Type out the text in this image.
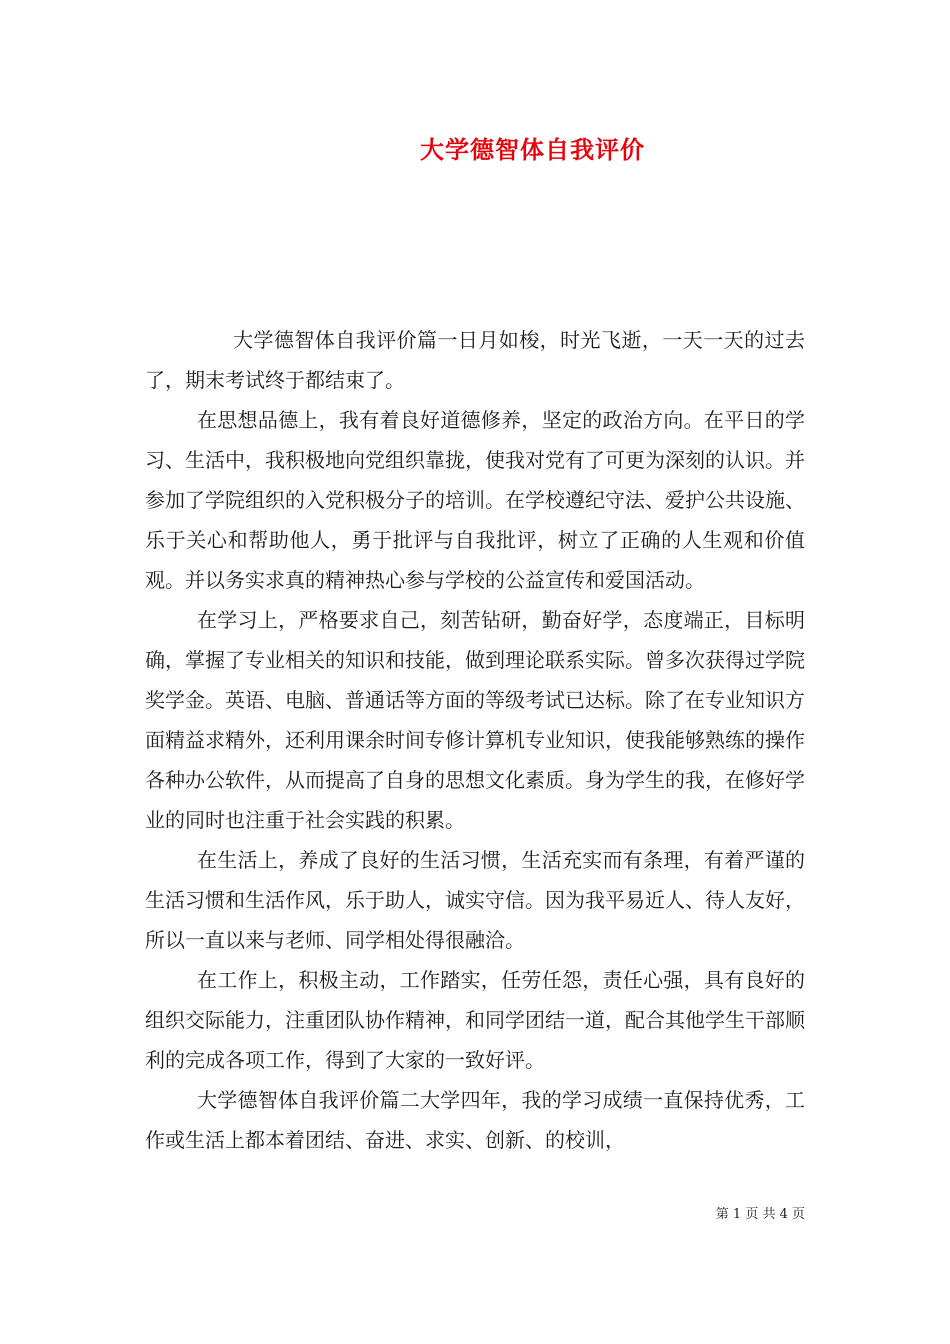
大学德智体自我评价

大学德智体自我评价篇一日月如梭，时光飞逝，一天一天的过去了，期末考试终于都结束了。

在思想品德上，我有着良好道德修养，坚定的政治方向。在平日的学习、生活中，我积极地向党组织靠拢，使我对党有了可更为深刻的认识。并参加了学院组织的入党积极分子的培训。在学校遵纪守法、爱护公共设施、乐于关心和帮助他人，勇于批评与自我批评，树立了正确的人生观和价值观。并以务实求真的精神热心参与学校的公益宣传和爱国活动。

在学习上，严格要求自己，刻苦钻研，勤奋好学，态度端正，目标明确，掌握了专业相关的知识和技能，做到理论联系实际。曾多次获得过学院奖学金。英语、电脑、普通话等方面的等级考试已达标。除了在专业知识方面精益求精外，还利用课余时间专修计算机专业知识，使我能够熟练的操作各种办公软件，从而提高了自身的思想文化素质。身为学生的我，在修好学业的同时也注重于社会实践的积累。

在生活上，养成了良好的生活习惯，生活充实而有条理，有着严谨的生活习惯和生活作风，乐于助人，诚实守信。因为我平易近人、待人友好，所以一直以来与老师、同学相处得很融洽。

在工作上，积极主动，工作踏实，任劳任怨，责任心强，具有良好的组织交际能力，注重团队协作精神，和同学团结一道，配合其他学生干部顺利的完成各项工作，得到了大家的一致好评。

大学德智体自我评价篇二大学四年，我的学习成绩一直保持优秀，工作或生活上都本着团结、奋进、求实、创新、的校训，

第 1 页 共 4 页
